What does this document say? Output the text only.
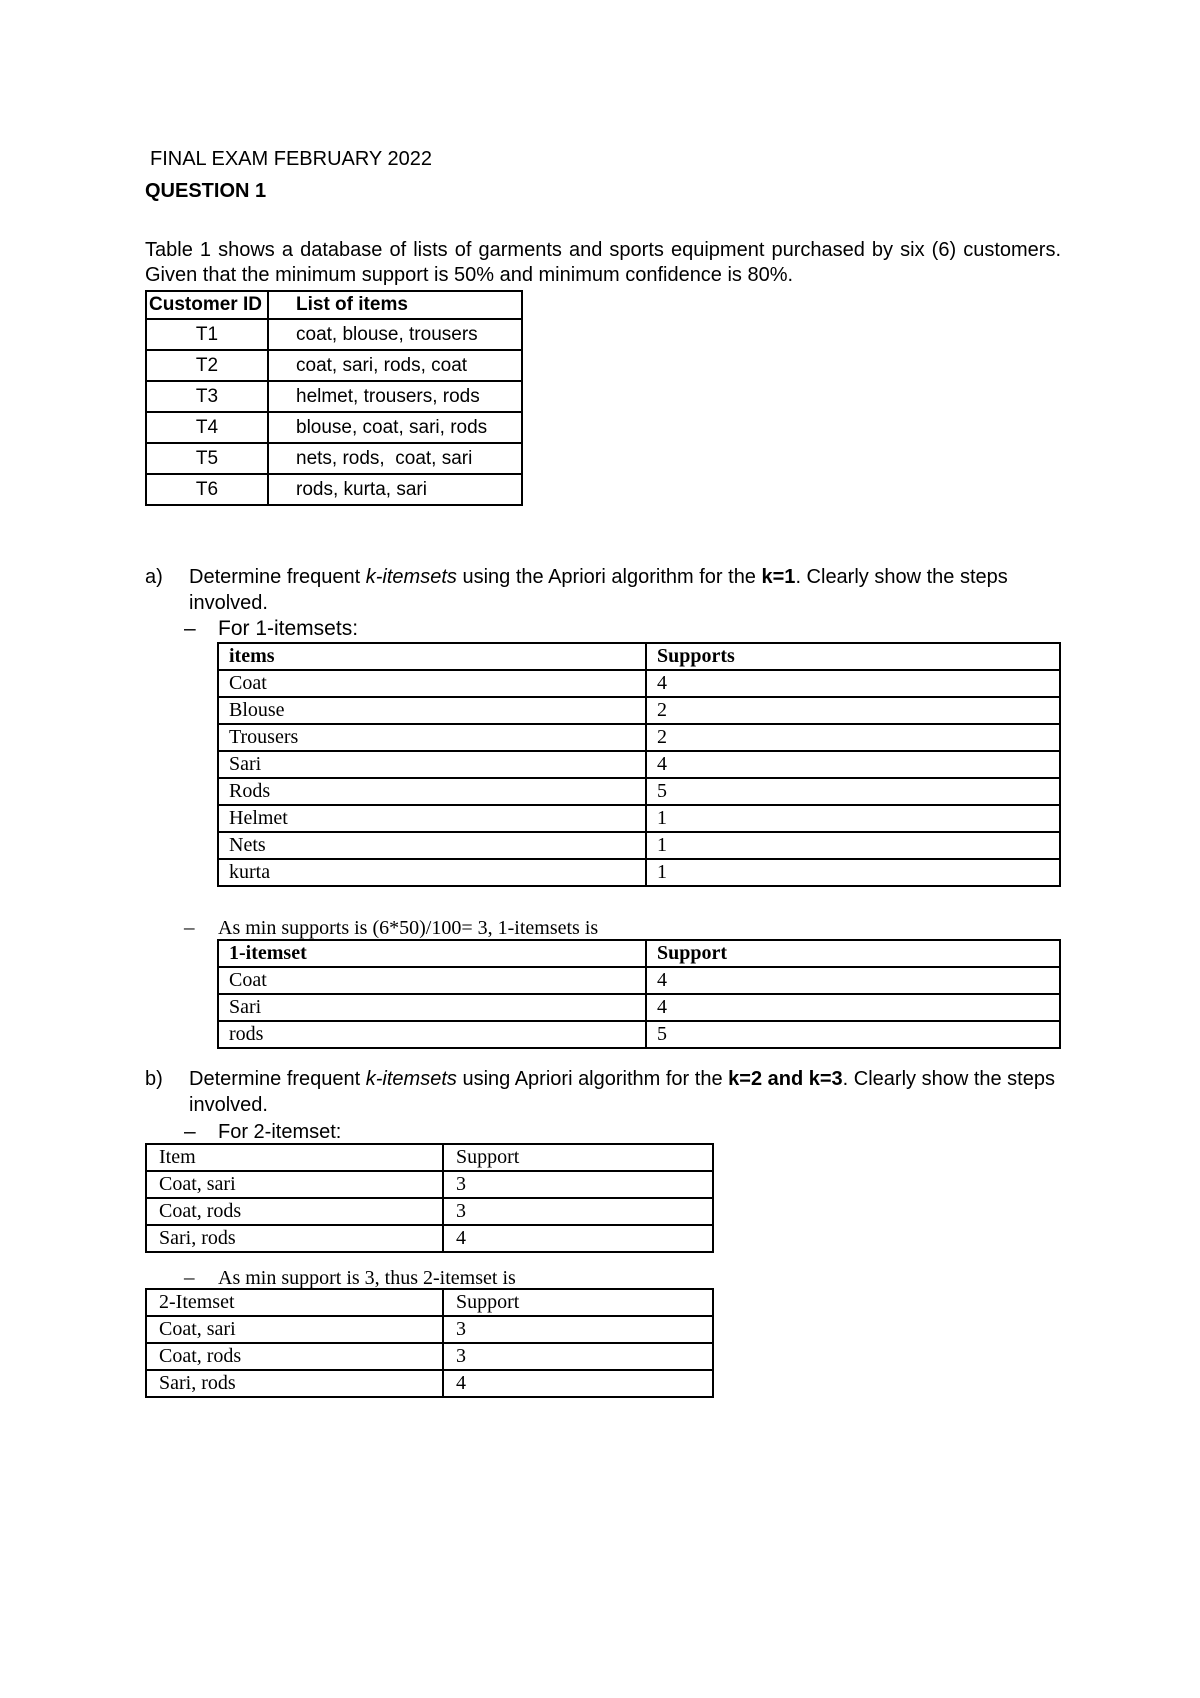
FINAL EXAM FEBRUARY 2022
QUESTION 1
Table 1 shows a database of lists of garments and sports equipment purchased by six (6) customers. Given that the minimum support is 50% and minimum confidence is 80%.
Customer ID	List of items
T1	coat, blouse, trousers
T2	coat, sari, rods, coat
T3	helmet, trousers, rods
T4	blouse, coat, sari, rods
T5	nets, rods,  coat, sari
T6	rods, kurta, sari
a) Determine frequent k-itemsets using the Apriori algorithm for the k=1. Clearly show the steps involved.
– For 1-itemsets:
items	Supports
Coat	4
Blouse	2
Trousers	2
Sari	4
Rods	5
Helmet	1
Nets	1
kurta	1
– As min supports is (6*50)/100= 3, 1-itemsets is
1-itemset	Support
Coat	4
Sari	4
rods	5
b) Determine frequent k-itemsets using Apriori algorithm for the k=2 and k=3. Clearly show the steps involved.
– For 2-itemset:
Item	Support
Coat, sari	3
Coat, rods	3
Sari, rods	4
– As min support is 3, thus 2-itemset is
2-Itemset	Support
Coat, sari	3
Coat, rods	3
Sari, rods	4
